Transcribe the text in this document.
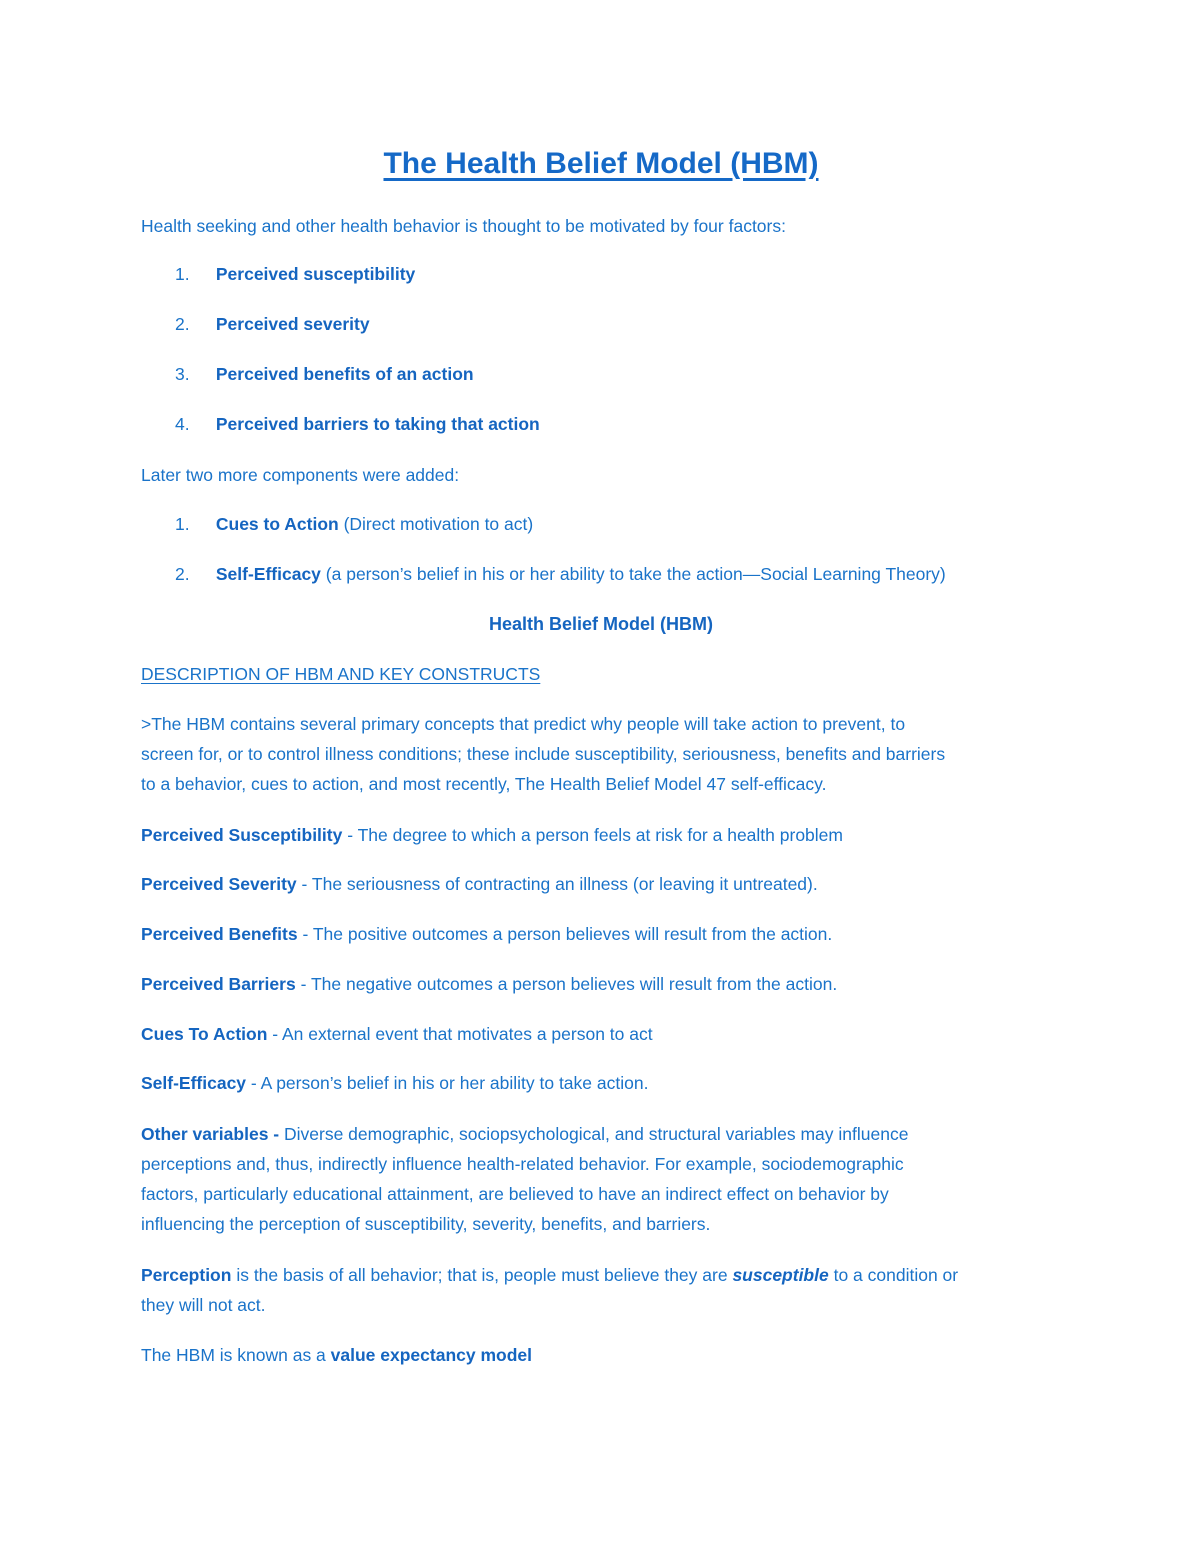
The Health Belief Model (HBM)
Health seeking and other health behavior is thought to be motivated by four factors:
1. Perceived susceptibility
2. Perceived severity
3. Perceived benefits of an action
4. Perceived barriers to taking that action
Later two more components were added:
1. Cues to Action (Direct motivation to act)
2. Self-Efficacy (a person’s belief in his or her ability to take the action—Social Learning Theory)
Health Belief Model (HBM)
DESCRIPTION OF HBM AND KEY CONSTRUCTS
>The HBM contains several primary concepts that predict why people will take action to prevent, to
screen for, or to control illness conditions; these include susceptibility, seriousness, benefits and barriers
to a behavior, cues to action, and most recently, The Health Belief Model 47 self-efficacy.
Perceived Susceptibility - The degree to which a person feels at risk for a health problem
Perceived Severity - The seriousness of contracting an illness (or leaving it untreated).
Perceived Benefits - The positive outcomes a person believes will result from the action.
Perceived Barriers - The negative outcomes a person believes will result from the action.
Cues To Action - An external event that motivates a person to act
Self-Efficacy - A person’s belief in his or her ability to take action.
Other variables - Diverse demographic, sociopsychological, and structural variables may influence
perceptions and, thus, indirectly influence health-related behavior. For example, sociodemographic
factors, particularly educational attainment, are believed to have an indirect effect on behavior by
influencing the perception of susceptibility, severity, benefits, and barriers.
Perception is the basis of all behavior; that is, people must believe they are susceptible to a condition or
they will not act.
The HBM is known as a value expectancy model
